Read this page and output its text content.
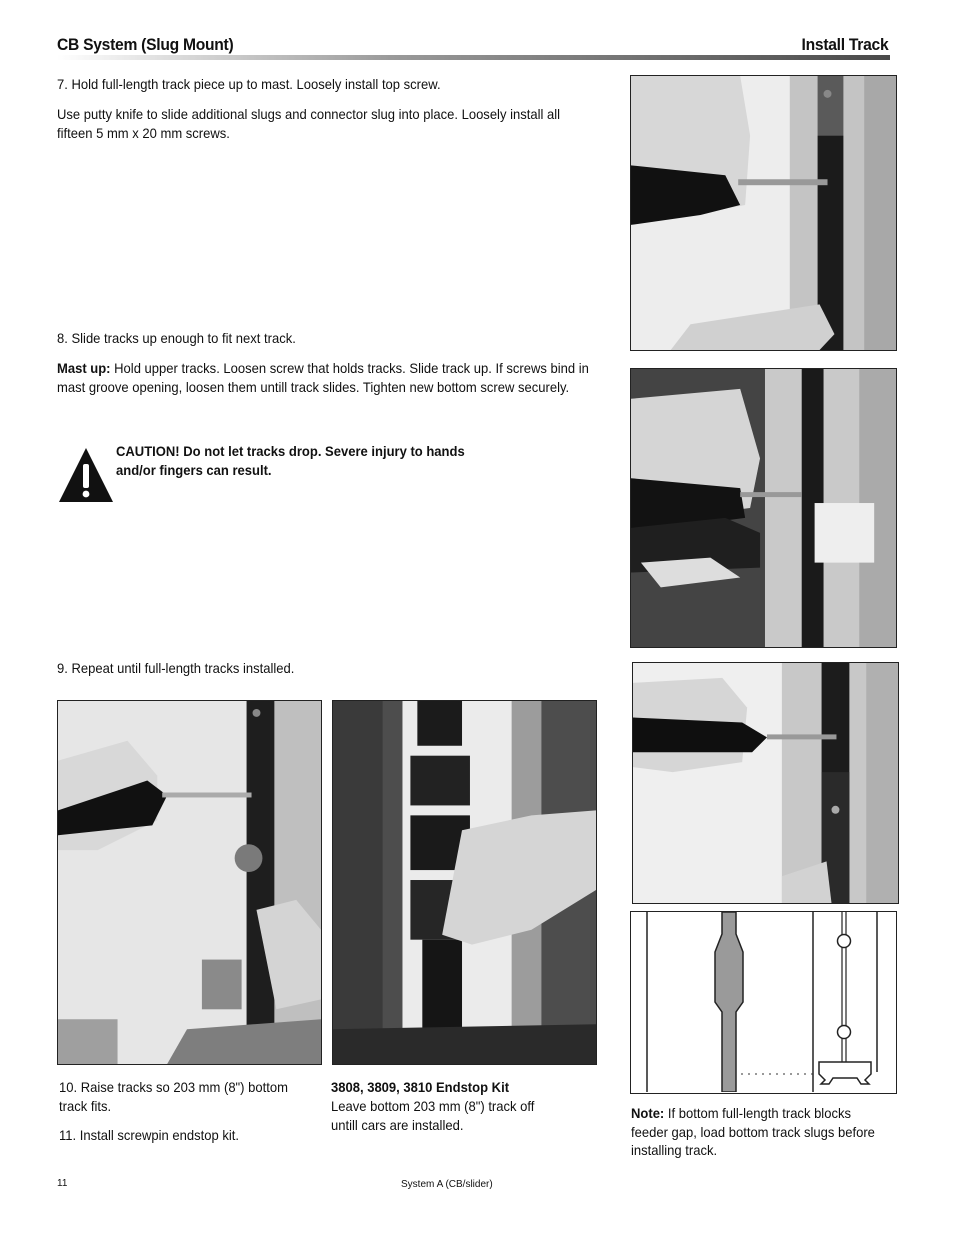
CB System (Slug Mount)	Install Track
7. Hold full-length track piece up to mast. Loosely install top screw.
Use putty knife to slide additional slugs and connector slug into place. Loosely install all fifteen 5 mm x 20 mm screws.
8. Slide tracks up enough to fit next track.
Mast up: Hold upper tracks. Loosen screw that holds tracks. Slide track up. If screws bind in mast groove opening, loosen them untill track slides. Tighten new bottom screw securely.
CAUTION! Do not let tracks drop. Severe injury to hands and/or fingers can result.
9. Repeat until full-length tracks installed.
Note: If bottom full-length track blocks feeder gap, load bottom track slugs before installing track.
10. Raise tracks so 203 mm (8") bottom track fits.
11. Install screwpin endstop kit.
3808, 3809, 3810 Endstop Kit
Leave bottom 203 mm (8") track off untill cars are installed.
11	System A (CB/slider)
